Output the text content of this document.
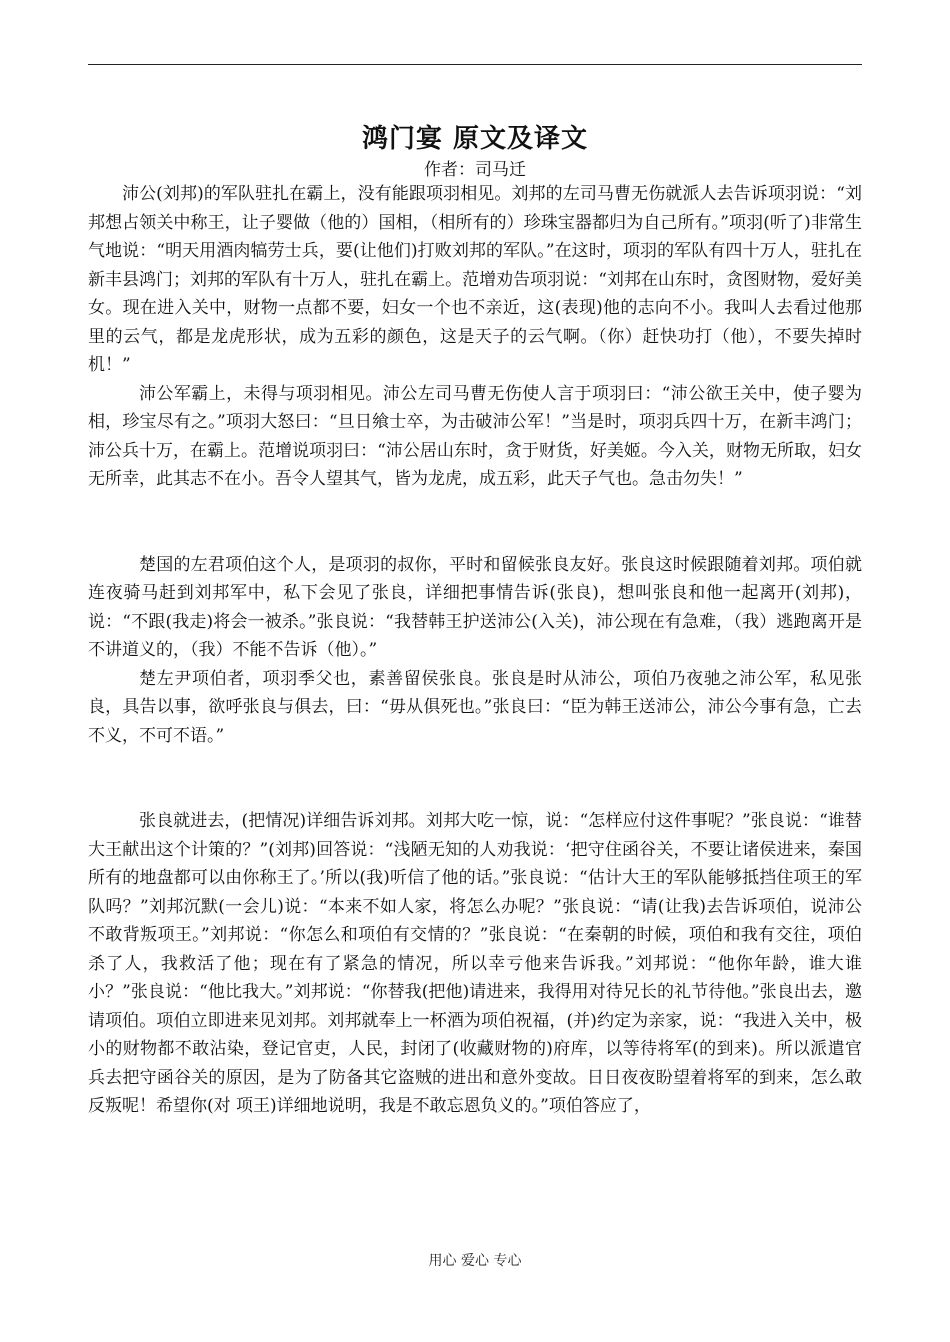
鸿门宴 原文及译文
作者：司马迁

沛公(刘邦)的军队驻扎在霸上，没有能跟项羽相见。刘邦的左司马曹无伤就派人去告诉项羽说：“刘邦想占领关中称王，让子婴做（他的）国相，（相所有的）珍珠宝器都归为自己所有。”项羽(听了)非常生气地说：“明天用酒肉犒劳士兵，要(让他们)打败刘邦的军队。”在这时，项羽的军队有四十万人，驻扎在新丰县鸿门；刘邦的军队有十万人，驻扎在霸上。范增劝告项羽说：“刘邦在山东时，贪图财物，爱好美女。现在进入关中，财物一点都不要，妇女一个也不亲近，这(表现)他的志向不小。我叫人去看过他那里的云气，都是龙虎形状，成为五彩的颜色，这是天子的云气啊。（你）赶快功打（他），不要失掉时机！”

沛公军霸上，未得与项羽相见。沛公左司马曹无伤使人言于项羽曰：“沛公欲王关中，使子婴为相，珍宝尽有之。”项羽大怒曰：“旦日飨士卒，为击破沛公军！”当是时，项羽兵四十万，在新丰鸿门；沛公兵十万，在霸上。范增说项羽曰：“沛公居山东时，贪于财货，好美姬。今入关，财物无所取，妇女无所幸，此其志不在小。吾令人望其气，皆为龙虎，成五彩，此天子气也。急击勿失！”

楚国的左君项伯这个人，是项羽的叔你，平时和留候张良友好。张良这时候跟随着刘邦。项伯就连夜骑马赶到刘邦军中，私下会见了张良，详细把事情告诉(张良)，想叫张良和他一起离开(刘邦)，说：“不跟(我走)将会一被杀。”张良说：“我替韩王护送沛公(入关)，沛公现在有急难，（我）逃跑离开是不讲道义的，（我）不能不告诉（他）。”

楚左尹项伯者，项羽季父也，素善留侯张良。张良是时从沛公，项伯乃夜驰之沛公军，私见张良，具告以事，欲呼张良与俱去，曰：“毋从俱死也。”张良曰：“臣为韩王送沛公，沛公今事有急，亡去不义，不可不语。”

张良就进去，(把情况)详细告诉刘邦。刘邦大吃一惊，说：“怎样应付这件事呢？”张良说：“谁替大王献出这个计策的？”(刘邦)回答说：“浅陋无知的人劝我说：‘把守住函谷关，不要让诸侯进来，秦国所有的地盘都可以由你称王了。’所以(我)听信了他的话。”张良说：“估计大王的军队能够抵挡住项王的军队吗？”刘邦沉默(一会儿)说：“本来不如人家，将怎么办呢？”张良说：“请(让我)去告诉项伯，说沛公不敢背叛项王。”刘邦说：“你怎么和项伯有交情的？”张良说：“在秦朝的时候，项伯和我有交往，项伯杀了人，我救活了他；现在有了紧急的情况，所以幸亏他来告诉我。”刘邦说：“他你年龄，谁大谁小？”张良说：“他比我大。”刘邦说：“你替我(把他)请进来，我得用对待兄长的礼节待他。”张良出去，邀请项伯。项伯立即进来见刘邦。刘邦就奉上一杯酒为项伯祝福，(并)约定为亲家，说：“我进入关中，极小的财物都不敢沾染，登记官吏，人民，封闭了(收藏财物的)府库，以等待将军(的到来)。所以派遣官兵去把守函谷关的原因，是为了防备其它盗贼的进出和意外变故。日日夜夜盼望着将军的到来，怎么敢反叛呢！希望你(对 项王)详细地说明，我是不敢忘恩负义的。”项伯答应了，

用心 爱心 专心
